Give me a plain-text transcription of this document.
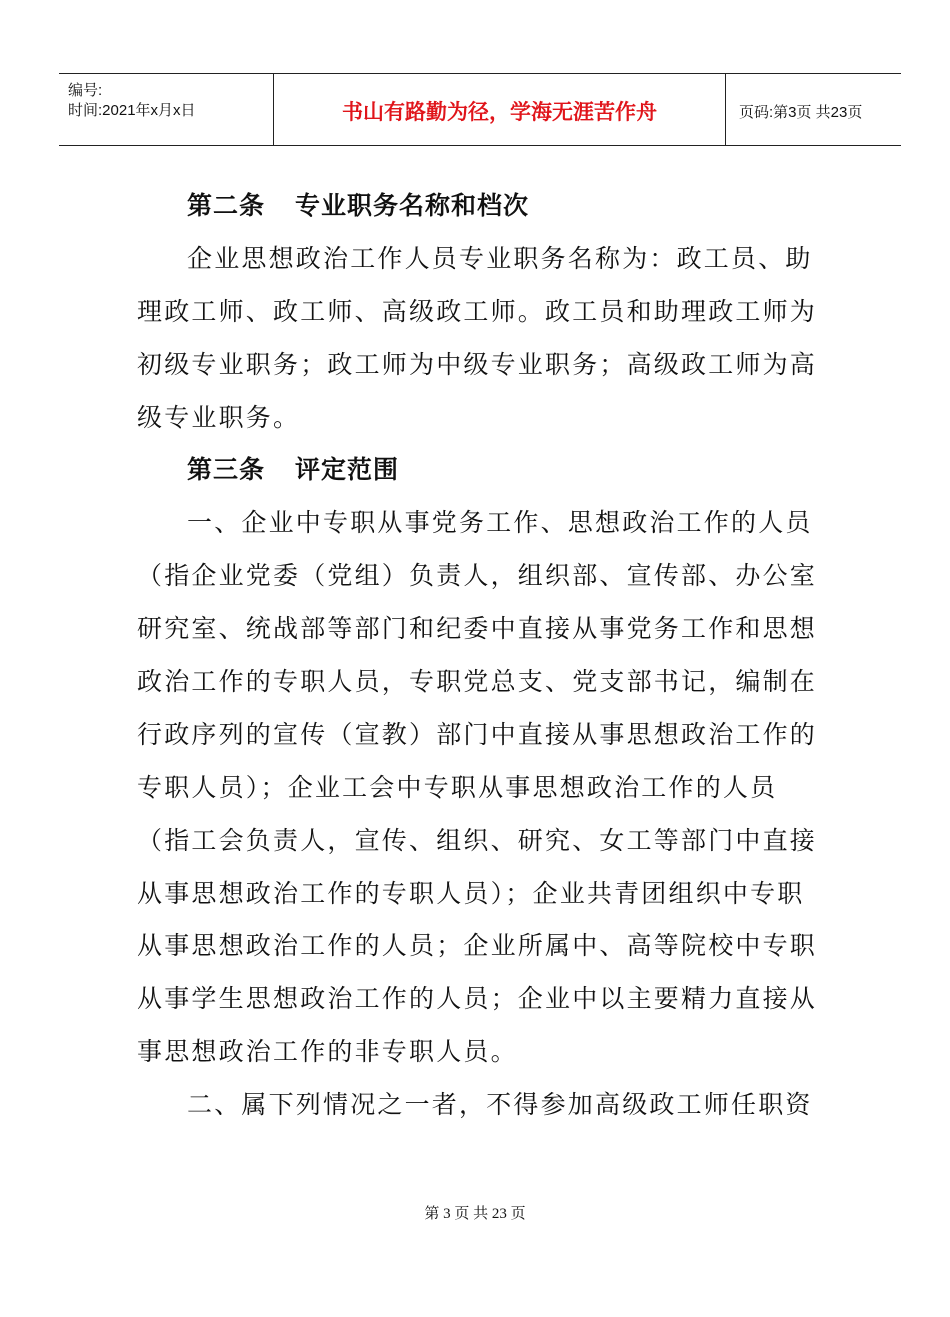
编号:
时间:2021年x月x日	书山有路勤为径，学海无涯苦作舟	页码:第3页 共23页
第二条 专业职务名称和档次
企业思想政治工作人员专业职务名称为：政工员、助
理政工师、政工师、高级政工师。政工员和助理政工师为
初级专业职务；政工师为中级专业职务；高级政工师为高
级专业职务。
第三条 评定范围
一、企业中专职从事党务工作、思想政治工作的人员
（指企业党委（党组）负责人，组织部、宣传部、办公室
研究室、统战部等部门和纪委中直接从事党务工作和思想
政治工作的专职人员，专职党总支、党支部书记，编制在
行政序列的宣传（宣教）部门中直接从事思想政治工作的
专职人员）；企业工会中专职从事思想政治工作的人员
（指工会负责人，宣传、组织、研究、女工等部门中直接
从事思想政治工作的专职人员）；企业共青团组织中专职
从事思想政治工作的人员；企业所属中、高等院校中专职
从事学生思想政治工作的人员；企业中以主要精力直接从
事思想政治工作的非专职人员。
二、属下列情况之一者，不得参加高级政工师任职资
第 3 页 共 23 页
